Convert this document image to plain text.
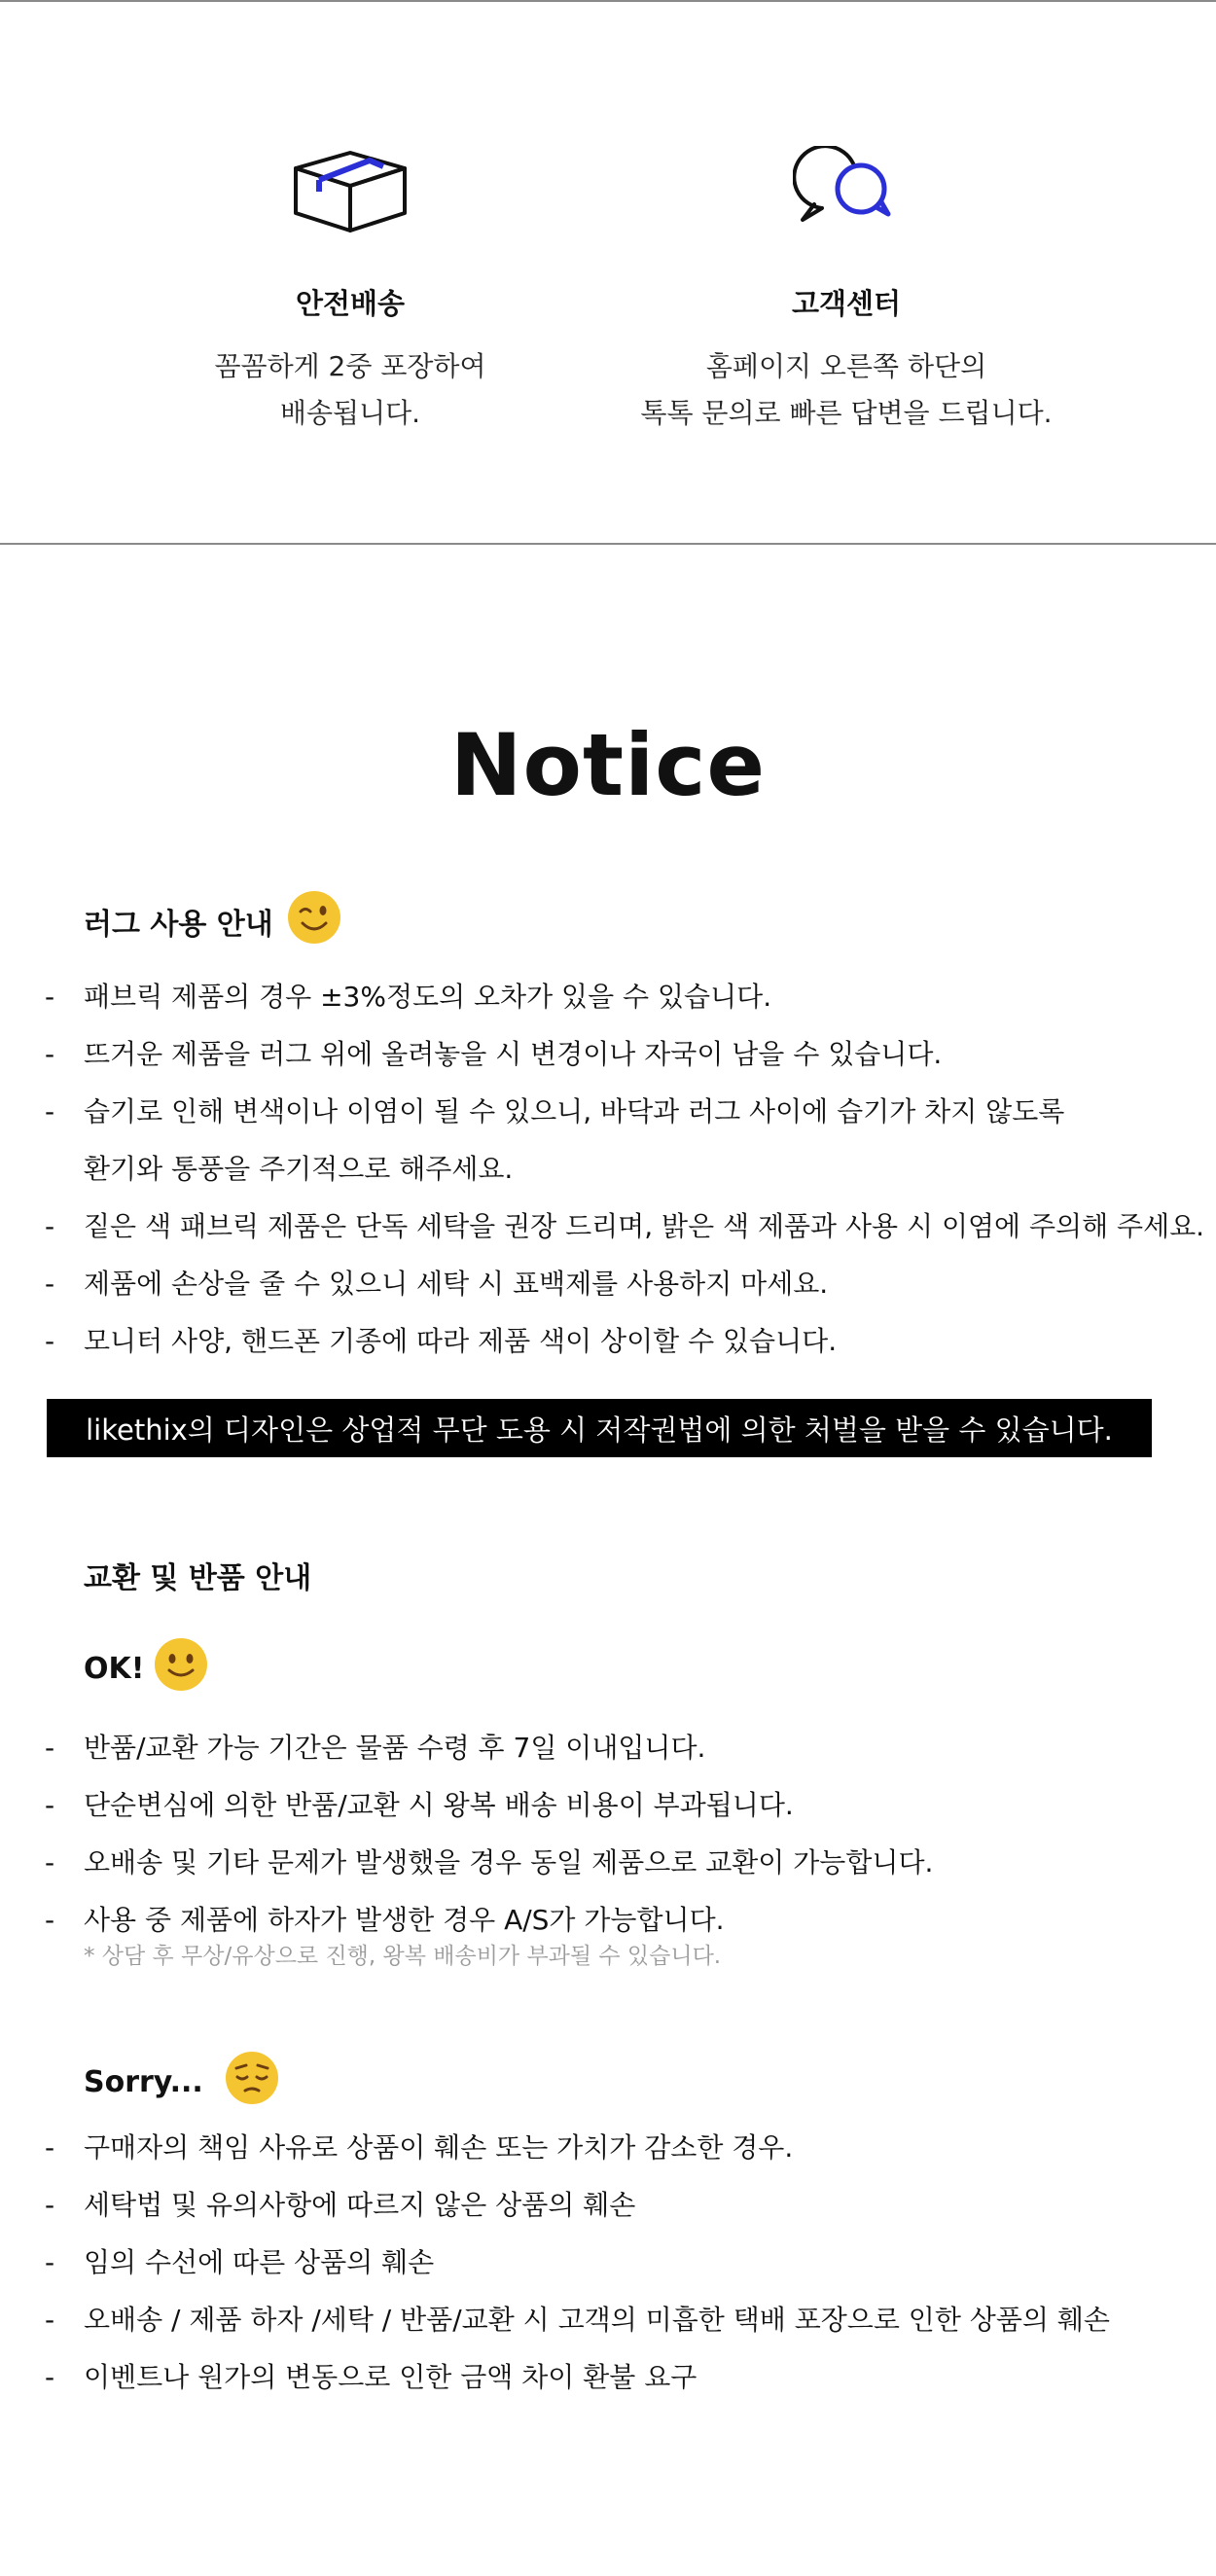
안전배송
꼼꼼하게 2중 포장하여
배송됩니다.
고객센터
홈페이지 오른쪽 하단의
톡톡 문의로 빠른 답변을 드립니다.
Notice
러그 사용 안내
- 패브릭 제품의 경우 ±3%정도의 오차가 있을 수 있습니다.
- 뜨거운 제품을 러그 위에 올려놓을 시 변경이나 자국이 남을 수 있습니다.
- 습기로 인해 변색이나 이염이 될 수 있으니, 바닥과 러그 사이에 습기가 차지 않도록
환기와 통풍을 주기적으로 해주세요.
- 짙은 색 패브릭 제품은 단독 세탁을 권장 드리며, 밝은 색 제품과 사용 시 이염에 주의해 주세요.
- 제품에 손상을 줄 수 있으니 세탁 시 표백제를 사용하지 마세요.
- 모니터 사양, 핸드폰 기종에 따라 제품 색이 상이할 수 있습니다.
likethix의 디자인은 상업적 무단 도용 시 저작권법에 의한 처벌을 받을 수 있습니다.
교환 및 반품 안내
OK!
- 반품/교환 가능 기간은 물품 수령 후 7일 이내입니다.
- 단순변심에 의한 반품/교환 시 왕복 배송 비용이 부과됩니다.
- 오배송 및 기타 문제가 발생했을 경우 동일 제품으로 교환이 가능합니다.
- 사용 중 제품에 하자가 발생한 경우 A/S가 가능합니다.
* 상담 후 무상/유상으로 진행, 왕복 배송비가 부과될 수 있습니다.
Sorry...
- 구매자의 책임 사유로 상품이 훼손 또는 가치가 감소한 경우.
- 세탁법 및 유의사항에 따르지 않은 상품의 훼손
- 임의 수선에 따른 상품의 훼손
- 오배송 / 제품 하자 /세탁 / 반품/교환 시 고객의 미흡한 택배 포장으로 인한 상품의 훼손
- 이벤트나 원가의 변동으로 인한 금액 차이 환불 요구
